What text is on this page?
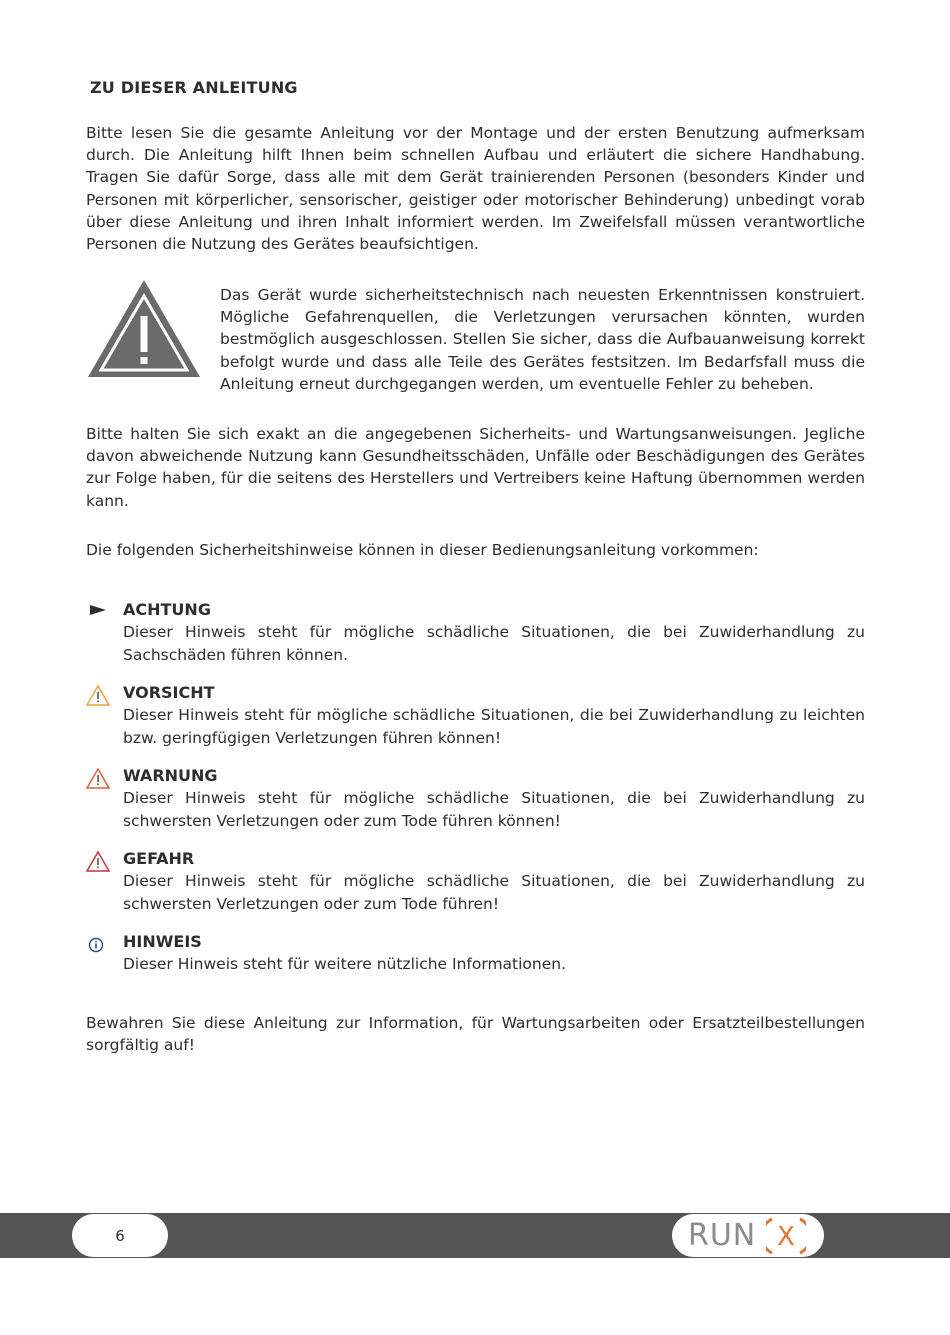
ZU DIESER ANLEITUNG

Bitte lesen Sie die gesamte Anleitung vor der Montage und der ersten Benutzung aufmerksam durch. Die Anleitung hilft Ihnen beim schnellen Aufbau und erläutert die sichere Handhabung. Tragen Sie dafür Sorge, dass alle mit dem Gerät trainierenden Personen (besonders Kinder und Personen mit körperlicher, sensorischer, geistiger oder motorischer Behinderung) unbedingt vorab über diese Anleitung und ihren Inhalt informiert werden. Im Zweifelsfall müssen verantwortliche Personen die Nutzung des Gerätes beaufsichtigen.

Das Gerät wurde sicherheitstechnisch nach neuesten Erkenntnissen konstruiert. Mögliche Gefahrenquellen, die Verletzungen verursachen könnten, wurden bestmöglich ausgeschlossen. Stellen Sie sicher, dass die Aufbauanweisung korrekt befolgt wurde und dass alle Teile des Gerätes festsitzen. Im Bedarfsfall muss die Anleitung erneut durchgegangen werden, um eventuelle Fehler zu beheben.

Bitte halten Sie sich exakt an die angegebenen Sicherheits- und Wartungsanweisungen. Jegliche davon abweichende Nutzung kann Gesundheitsschäden, Unfälle oder Beschädigungen des Gerätes zur Folge haben, für die seitens des Herstellers und Vertreibers keine Haftung übernommen werden kann.

Die folgenden Sicherheitshinweise können in dieser Bedienungsanleitung vorkommen:

ACHTUNG

Dieser Hinweis steht für mögliche schädliche Situationen, die bei Zuwiderhandlung zu Sachschäden führen können.

VORSICHT

Dieser Hinweis steht für mögliche schädliche Situationen, die bei Zuwiderhandlung zu leichten bzw. geringfügigen Verletzungen führen können!

WARNUNG

Dieser Hinweis steht für mögliche schädliche Situationen, die bei Zuwiderhandlung zu schwersten Verletzungen oder zum Tode führen können!

GEFAHR

Dieser Hinweis steht für mögliche schädliche Situationen, die bei Zuwiderhandlung zu schwersten Verletzungen oder zum Tode führen!

HINWEIS

Dieser Hinweis steht für weitere nützliche Informationen.

Bewahren Sie diese Anleitung zur Information, für Wartungsarbeiten oder Ersatzteilbestellungen sorgfältig auf!

6	RUN X
